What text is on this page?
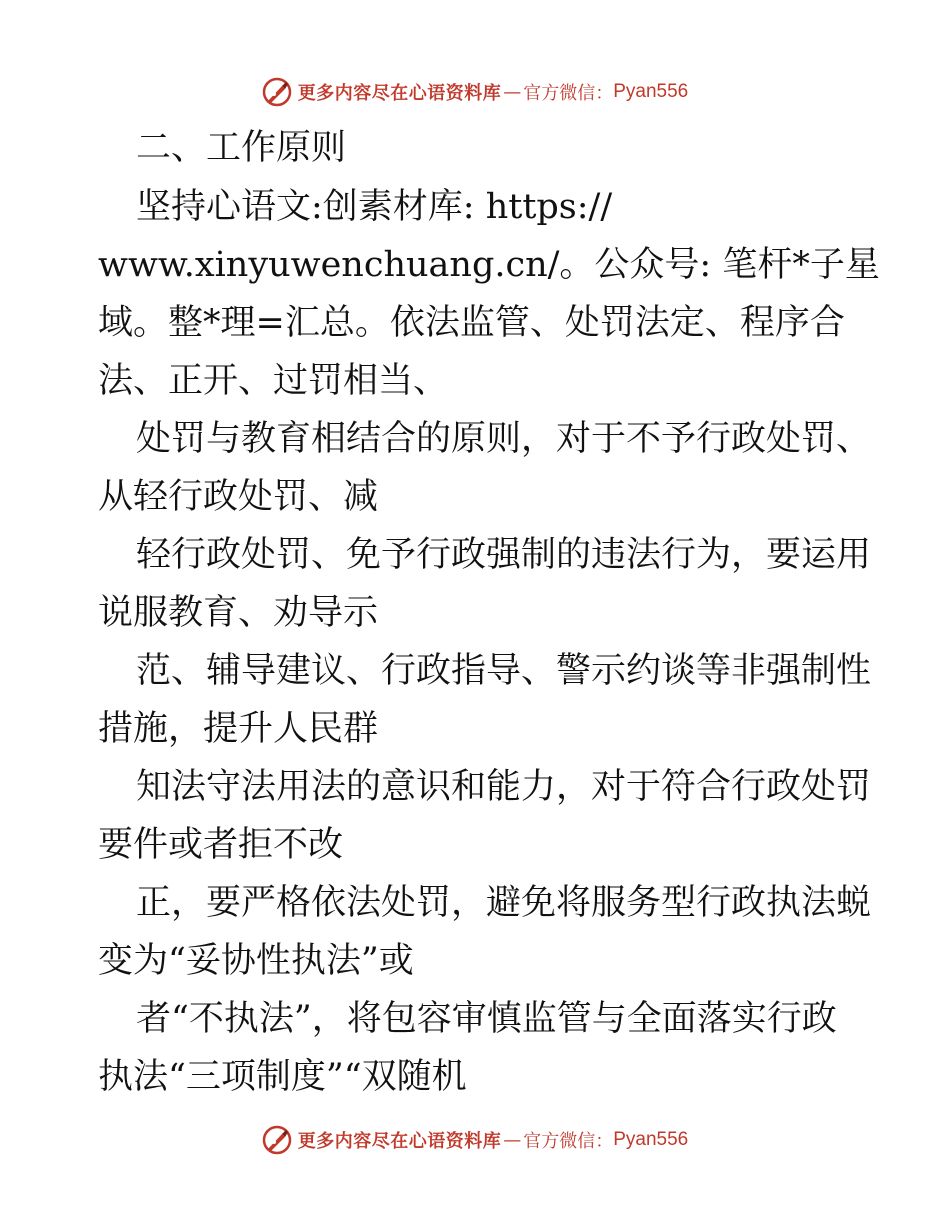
更多内容尽在心语资料库 — 官方微信： Pyan556
二、工作原则
坚持心语文:创素材库: https://
www.xinyuwenchuang.cn/。公众号: 笔杆*子星
域。整*理=汇总。依法监管、处罚法定、程序合
法、正开、过罚相当、
处罚与教育相结合的原则，对于不予行政处罚、
从轻行政处罚、减
轻行政处罚、免予行政强制的违法行为，要运用
说服教育、劝导示
范、辅导建议、行政指导、警示约谈等非强制性
措施，提升人民群
知法守法用法的意识和能力，对于符合行政处罚
要件或者拒不改
正，要严格依法处罚，避免将服务型行政执法蜕
变为“妥协性执法”或
者“不执法”，将包容审慎监管与全面落实行政
执法“三项制度”“双随机
更多内容尽在心语资料库 — 官方微信： Pyan556
